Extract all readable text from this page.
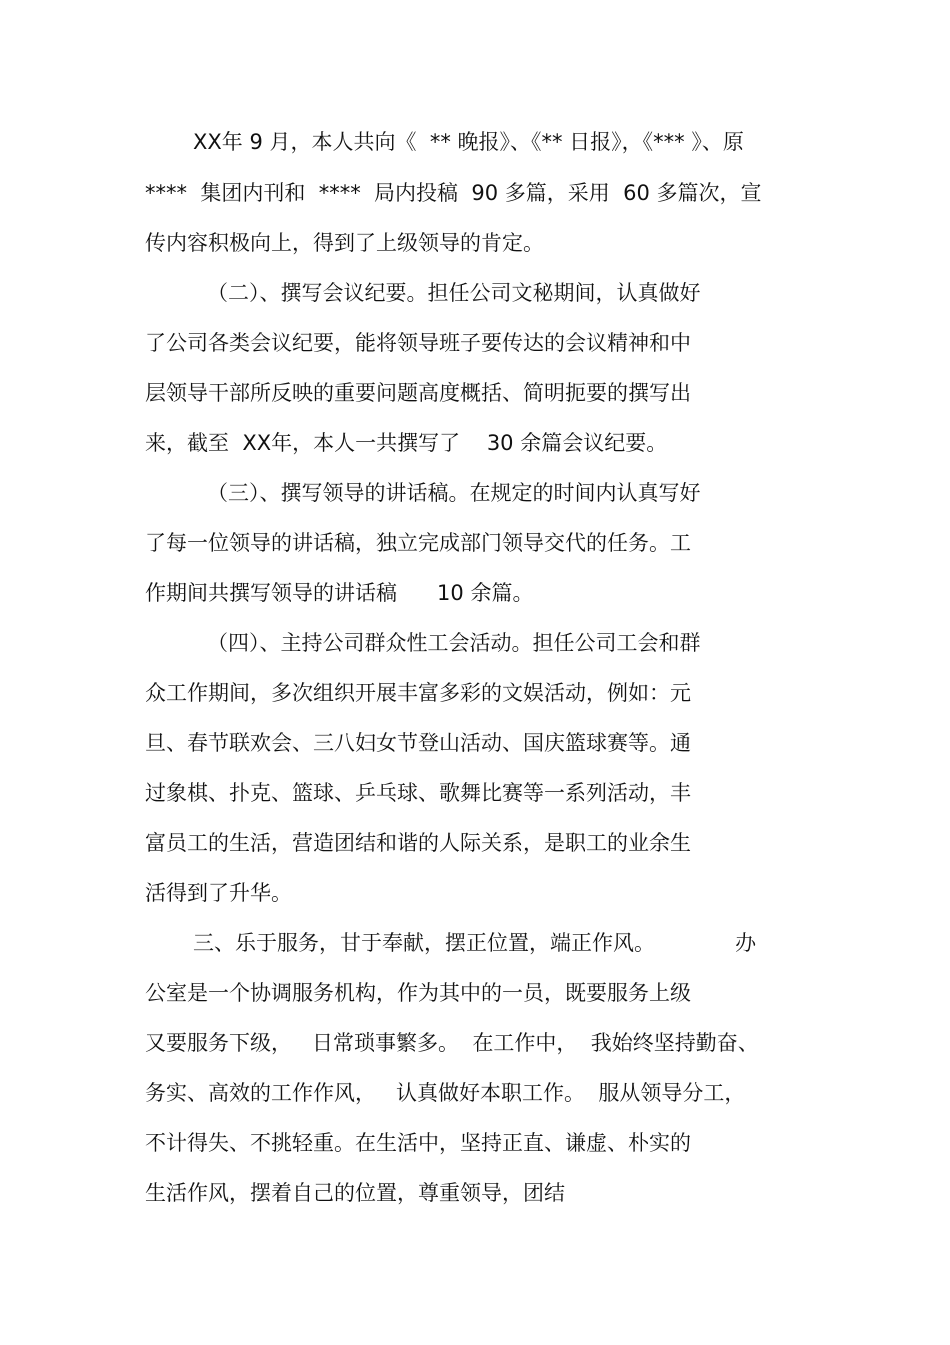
XX年 9 月，本人共向《  ** 晚报》、《** 日报》，《*** 》、原

****  集团内刊和  ****  局内投稿  90 多篇，采用  60 多篇次，宣

传内容积极向上，得到了上级领导的肯定。

（二）、撰写会议纪要。担任公司文秘期间，认真做好

了公司各类会议纪要，能将领导班子要传达的会议精神和中

层领导干部所反映的重要问题高度概括、简明扼要的撰写出

来，截至  XX年，本人一共撰写了    30 余篇会议纪要。

（三）、撰写领导的讲话稿。在规定的时间内认真写好

了每一位领导的讲话稿，独立完成部门领导交代的任务。工

作期间共撰写领导的讲话稿      10 余篇。

（四）、主持公司群众性工会活动。担任公司工会和群

众工作期间，多次组织开展丰富多彩的文娱活动，例如：元

旦、春节联欢会、三八妇女节登山活动、国庆篮球赛等。通

过象棋、扑克、篮球、乒乓球、歌舞比赛等一系列活动，丰

富员工的生活，营造团结和谐的人际关系，是职工的业余生

活得到了升华。

三、乐于服务，甘于奉献，摆正位置，端正作风。            办

公室是一个协调服务机构，作为其中的一员，既要服务上级

又要服务下级，   日常琐事繁多。  在工作中，  我始终坚持勤奋、

务实、高效的工作作风，   认真做好本职工作。  服从领导分工，

不计得失、不挑轻重。在生活中，坚持正直、谦虚、朴实的

生活作风，摆着自己的位置，尊重领导，团结
